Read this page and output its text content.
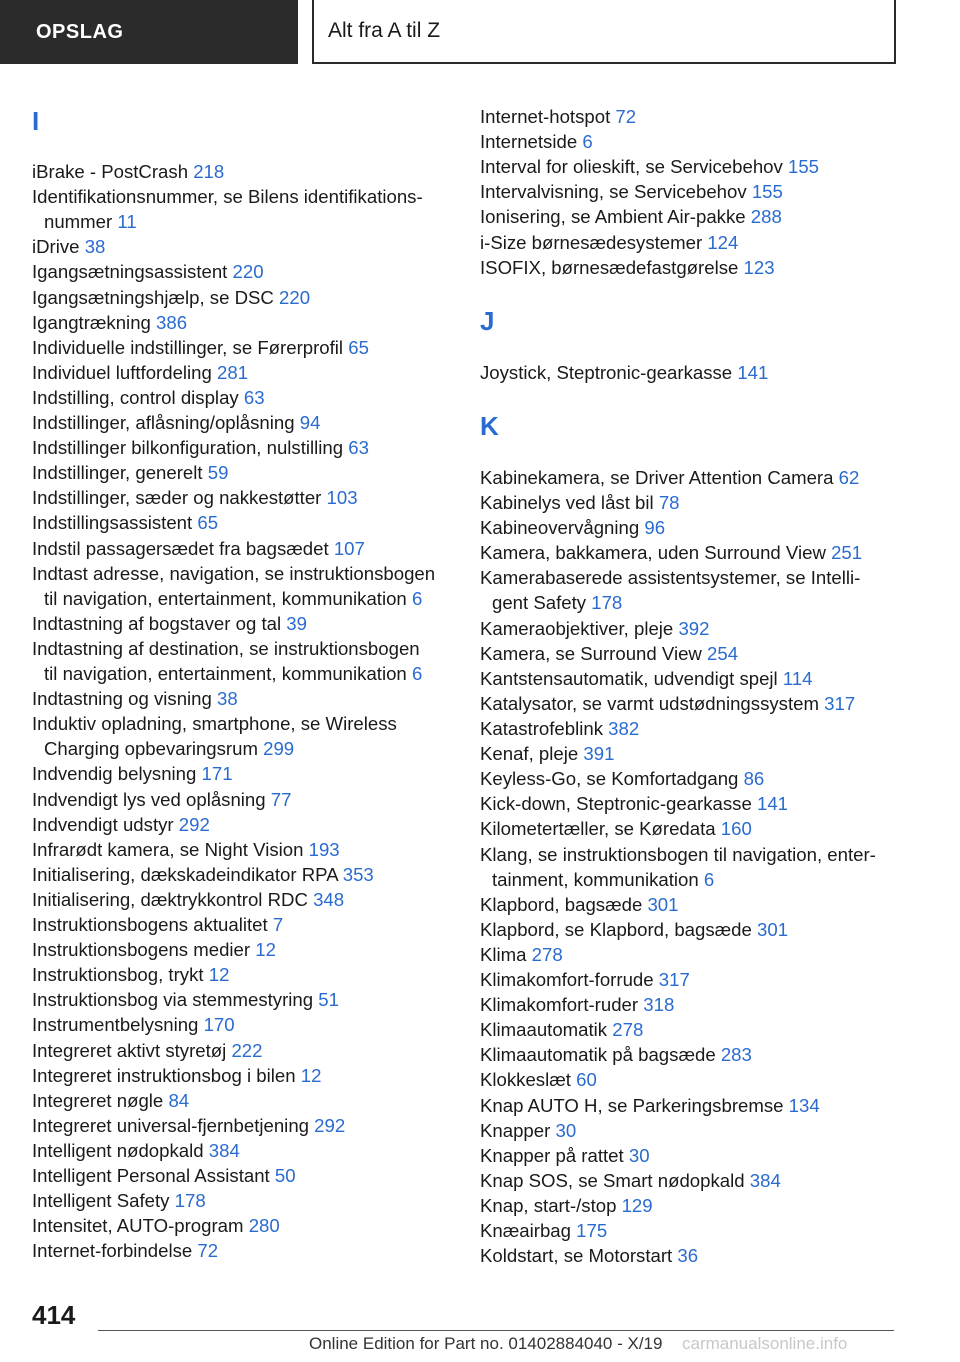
OPSLAG	Alt fra A til Z
I
iBrake - PostCrash 218
Identifikationsnummer, se Bilens identifikations-
nummer 11
iDrive 38
Igangsætningsassistent 220
Igangsætningshjælp, se DSC 220
Igangtrækning 386
Individuelle indstillinger, se Førerprofil 65
Individuel luftfordeling 281
Indstilling, control display 63
Indstillinger, aflåsning/oplåsning 94
Indstillinger bilkonfiguration, nulstilling 63
Indstillinger, generelt 59
Indstillinger, sæder og nakkestøtter 103
Indstillingsassistent 65
Indstil passagersædet fra bagsædet 107
Indtast adresse, navigation, se instruktionsbogen
til navigation, entertainment, kommunikation 6
Indtastning af bogstaver og tal 39
Indtastning af destination, se instruktionsbogen
til navigation, entertainment, kommunikation 6
Indtastning og visning 38
Induktiv opladning, smartphone, se Wireless
Charging opbevaringsrum 299
Indvendig belysning 171
Indvendigt lys ved oplåsning 77
Indvendigt udstyr 292
Infrarødt kamera, se Night Vision 193
Initialisering, dækskadeindikator RPA 353
Initialisering, dæktrykkontrol RDC 348
Instruktionsbogens aktualitet 7
Instruktionsbogens medier 12
Instruktionsbog, trykt 12
Instruktionsbog via stemmestyring 51
Instrumentbelysning 170
Integreret aktivt styretøj 222
Integreret instruktionsbog i bilen 12
Integreret nøgle 84
Integreret universal-fjernbetjening 292
Intelligent nødopkald 384
Intelligent Personal Assistant 50
Intelligent Safety 178
Intensitet, AUTO-program 280
Internet-forbindelse 72
Internet-hotspot 72
Internetside 6
Interval for olieskift, se Servicebehov 155
Intervalvisning, se Servicebehov 155
Ionisering, se Ambient Air-pakke 288
i-Size børnesædesystemer 124
ISOFIX, børnesædefastgørelse 123
J
Joystick, Steptronic-gearkasse 141
K
Kabinekamera, se Driver Attention Camera 62
Kabinelys ved låst bil 78
Kabineovervågning 96
Kamera, bakkamera, uden Surround View 251
Kamerabaserede assistentsystemer, se Intelli-
gent Safety 178
Kameraobjektiver, pleje 392
Kamera, se Surround View 254
Kantstensautomatik, udvendigt spejl 114
Katalysator, se varmt udstødningssystem 317
Katastrofeblink 382
Kenaf, pleje 391
Keyless-Go, se Komfortadgang 86
Kick-down, Steptronic-gearkasse 141
Kilometertæller, se Køredata 160
Klang, se instruktionsbogen til navigation, enter-
tainment, kommunikation 6
Klapbord, bagsæde 301
Klapbord, se Klapbord, bagsæde 301
Klima 278
Klimakomfort-forrude 317
Klimakomfort-ruder 318
Klimaautomatik 278
Klimaautomatik på bagsæde 283
Klokkeslæt 60
Knap AUTO H, se Parkeringsbremse 134
Knapper 30
Knapper på rattet 30
Knap SOS, se Smart nødopkald 384
Knap, start-/stop 129
Knæairbag 175
Koldstart, se Motorstart 36
414
Online Edition for Part no. 01402884040 - X/19 carmanualsonline.info
